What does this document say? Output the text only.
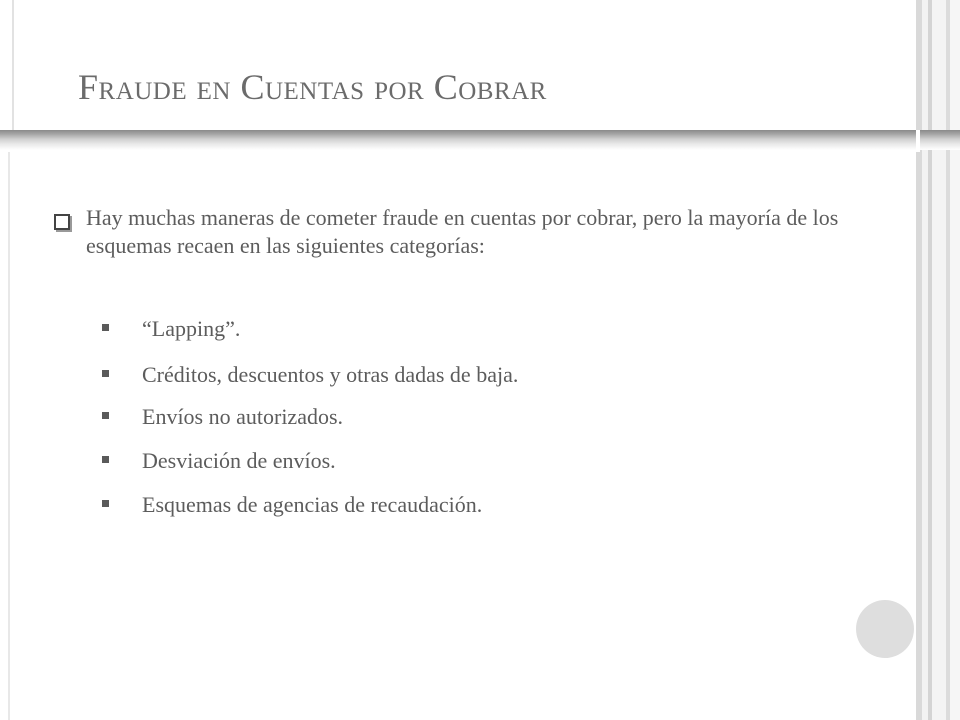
Fraude en Cuentas por Cobrar

Hay muchas maneras de cometer fraude en cuentas por cobrar, pero la mayoría de los esquemas recaen en las siguientes categorías:

“Lapping”.
Créditos, descuentos y otras dadas de baja.
Envíos no autorizados.
Desviación de envíos.
Esquemas de agencias de recaudación.
